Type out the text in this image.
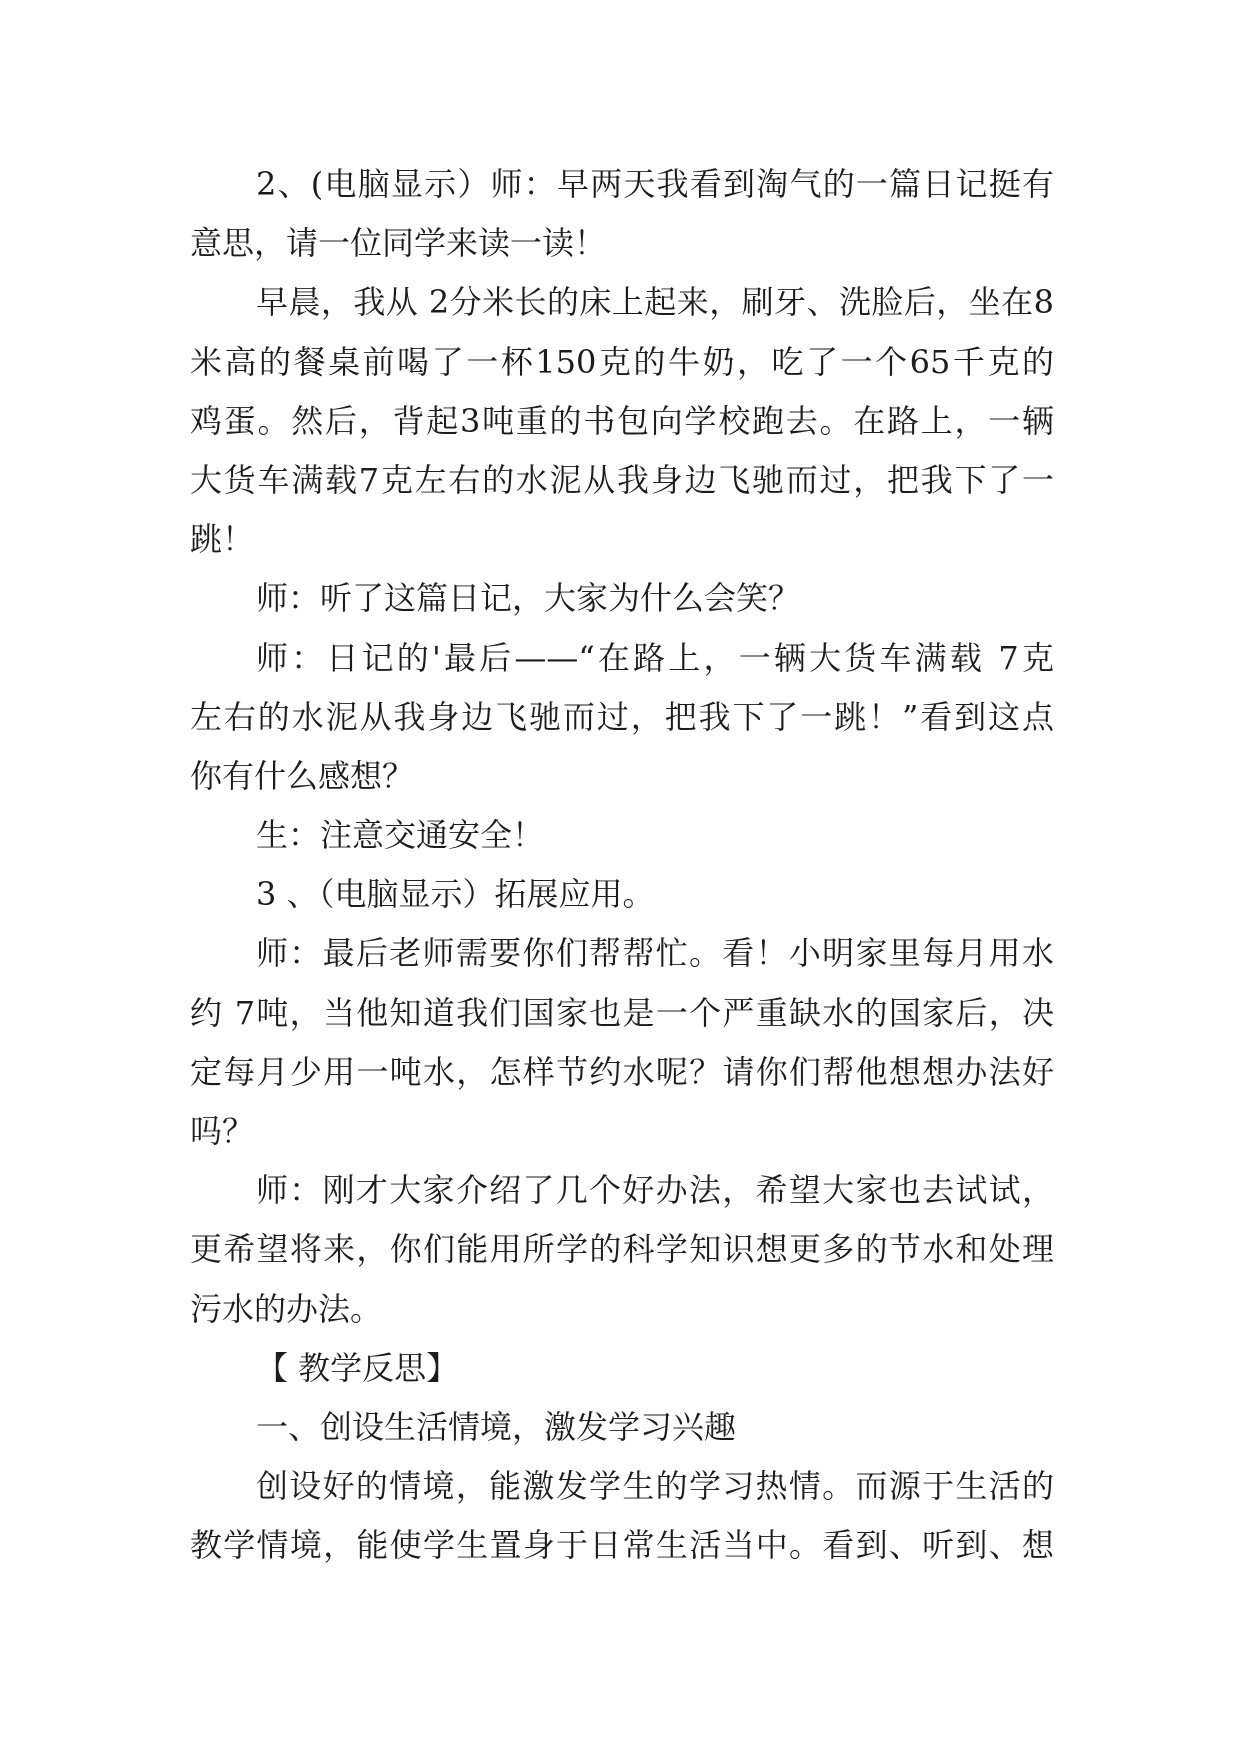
2、(电脑显示）师：早两天我看到淘气的一篇日记挺有
意思，请一位同学来读一读！
早晨，我从 2分米长的床上起来，刷牙、洗脸后，坐在8
米高的餐桌前喝了一杯150克的牛奶，吃了一个65千克的
鸡蛋。然后，背起3吨重的书包向学校跑去。在路上，一辆
大货车满载7克左右的水泥从我身边飞驰而过，把我下了一
跳！
师：听了这篇日记，大家为什么会笑？
师：日记的'最后——“在路上，一辆大货车满载 7克
左右的水泥从我身边飞驰而过，把我下了一跳！”看到这点
你有什么感想？
生：注意交通安全！
3 、（电脑显示）拓展应用。
师：最后老师需要你们帮帮忙。看！小明家里每月用水
约 7吨，当他知道我们国家也是一个严重缺水的国家后，决
定每月少用一吨水，怎样节约水呢？请你们帮他想想办法好
吗？
师：刚才大家介绍了几个好办法，希望大家也去试试，
更希望将来，你们能用所学的科学知识想更多的节水和处理
污水的办法。
【 教学反思】
一、创设生活情境，激发学习兴趣
创设好的情境，能激发学生的学习热情。而源于生活的
教学情境，能使学生置身于日常生活当中。看到、听到、想
